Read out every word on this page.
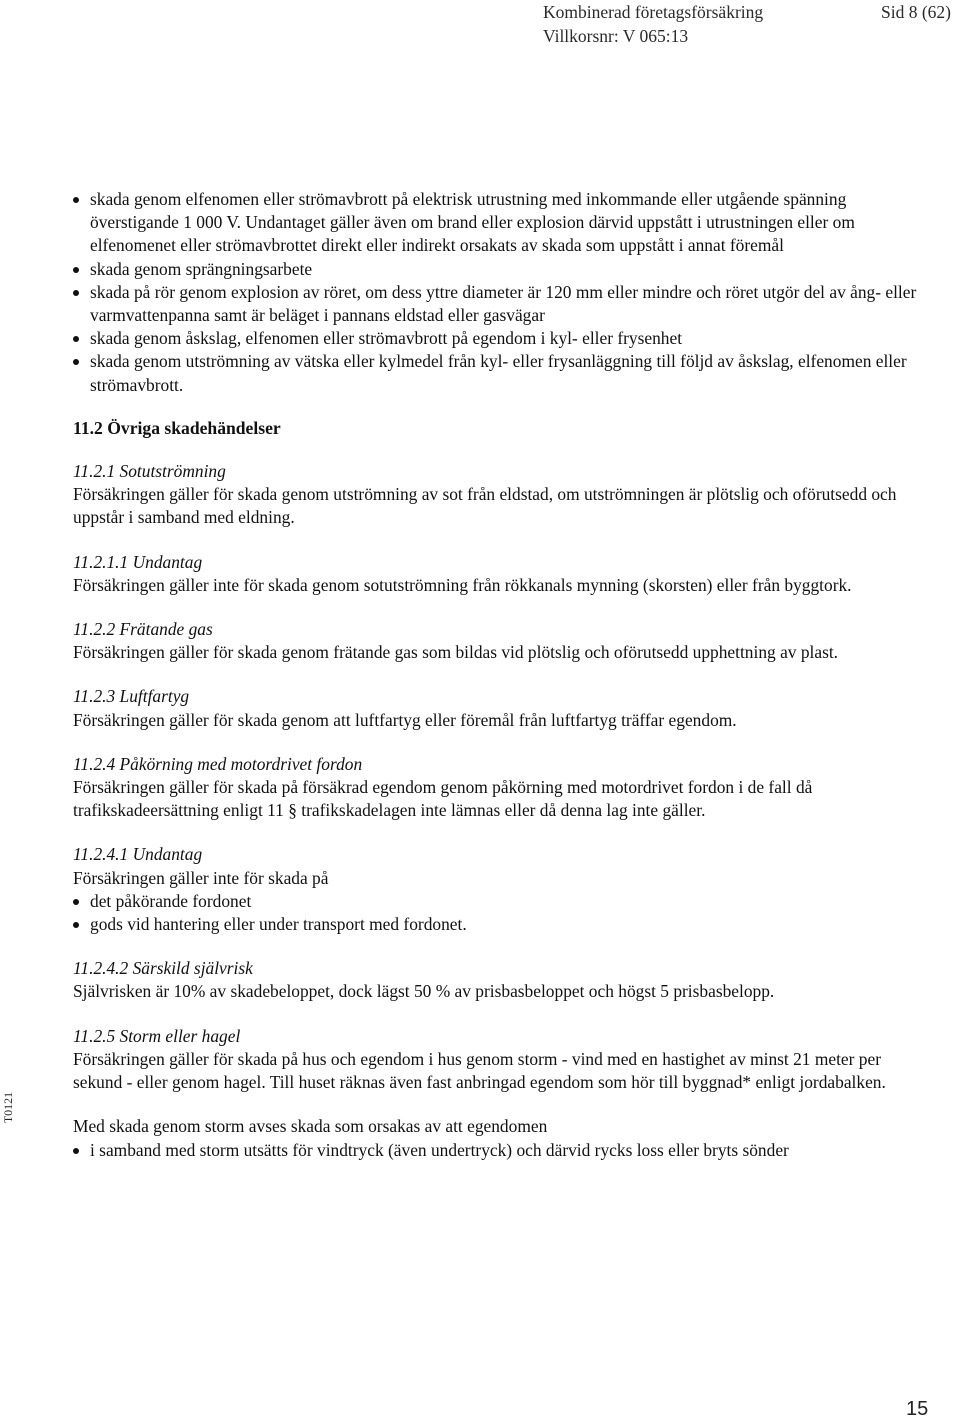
Kombinerad företagsförsäkring
Villkorsnr: V 065:13
Sid 8 (62)
skada genom elfenomen eller strömavbrott på elektrisk utrustning med inkommande eller utgående spänning överstigande 1 000 V. Undantaget gäller även om brand eller explosion därvid uppstått i utrustningen eller om elfenomenet eller strömavbrottet direkt eller indirekt orsakats av skada som uppstått i annat föremål
skada genom sprängningsarbete
skada på rör genom explosion av röret, om dess yttre diameter är 120 mm eller mindre och röret utgör del av ång- eller varmvattenpanna samt är beläget i pannans eldstad eller gasvägar
skada genom åskslag, elfenomen eller strömavbrott på egendom i kyl- eller frysenhet
skada genom utströmning av vätska eller kylmedel från kyl- eller frysanläggning till följd av åskslag, elfenomen eller strömavbrott.
11.2 Övriga skadehändelser
11.2.1 Sotutströmning

Försäkringen gäller för skada genom utströmning av sot från eldstad, om utströmningen är plötslig och oförutsedd och uppstår i samband med eldning.

11.2.1.1 Undantag

Försäkringen gäller inte för skada genom sotutströmning från rökkanals mynning (skorsten) eller från byggtork.

11.2.2 Frätande gas

Försäkringen gäller för skada genom frätande gas som bildas vid plötslig och oförutsedd upphettning av plast.

11.2.3 Luftfartyg

Försäkringen gäller för skada genom att luftfartyg eller föremål från luftfartyg träffar egendom.

11.2.4 Påkörning med motordrivet fordon

Försäkringen gäller för skada på försäkrad egendom genom påkörning med motordrivet fordon i de fall då trafikskadeersättning enligt 11 § trafikskadelagen inte lämnas eller då denna lag inte gäller.

11.2.4.1 Undantag

Försäkringen gäller inte för skada på

det påkörande fordonet
gods vid hantering eller under transport med fordonet.
11.2.4.2 Särskild självrisk

Självrisken är 10% av skadebeloppet, dock lägst 50 % av prisbasbeloppet och högst 5 prisbasbelopp.

11.2.5 Storm eller hagel

Försäkringen gäller för skada på hus och egendom i hus genom storm - vind med en hastighet av minst 21 meter per sekund - eller genom hagel. Till huset räknas även fast anbringad egendom som hör till byggnad* enligt jordabalken.

Med skada genom storm avses skada som orsakas av att egendomen

i samband med storm utsätts för vindtryck (även undertryck) och därvid rycks loss eller bryts sönder
T0121
15
